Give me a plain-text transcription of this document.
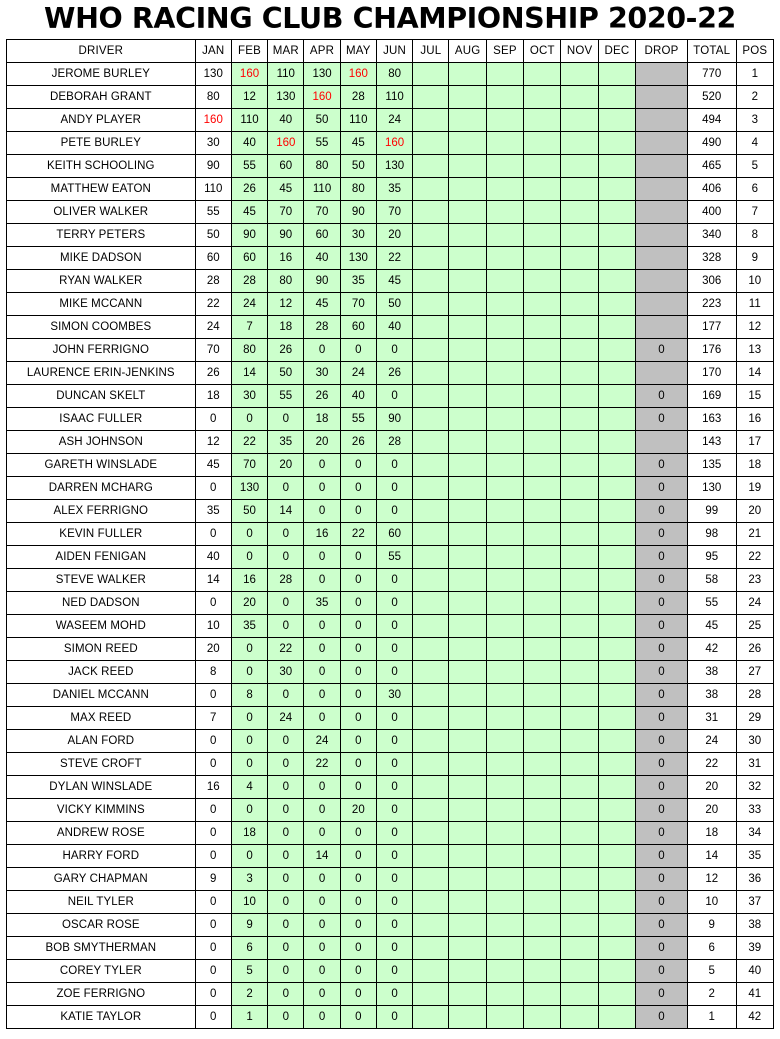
WHO RACING CLUB CHAMPIONSHIP 2020-22
DRIVER	JAN	FEB	MAR	APR	MAY	JUN	JUL	AUG	SEP	OCT	NOV	DEC	DROP	TOTAL	POS
JEROME BURLEY	130	160	110	130	160	80								770	1
DEBORAH GRANT	80	12	130	160	28	110								520	2
ANDY PLAYER	160	110	40	50	110	24								494	3
PETE BURLEY	30	40	160	55	45	160								490	4
KEITH SCHOOLING	90	55	60	80	50	130								465	5
MATTHEW EATON	110	26	45	110	80	35								406	6
OLIVER WALKER	55	45	70	70	90	70								400	7
TERRY PETERS	50	90	90	60	30	20								340	8
MIKE DADSON	60	60	16	40	130	22								328	9
RYAN WALKER	28	28	80	90	35	45								306	10
MIKE MCCANN	22	24	12	45	70	50								223	11
SIMON COOMBES	24	7	18	28	60	40								177	12
JOHN FERRIGNO	70	80	26	0	0	0							0	176	13
LAURENCE ERIN-JENKINS	26	14	50	30	24	26								170	14
DUNCAN SKELT	18	30	55	26	40	0							0	169	15
ISAAC FULLER	0	0	0	18	55	90							0	163	16
ASH JOHNSON	12	22	35	20	26	28								143	17
GARETH WINSLADE	45	70	20	0	0	0							0	135	18
DARREN MCHARG	0	130	0	0	0	0							0	130	19
ALEX FERRIGNO	35	50	14	0	0	0							0	99	20
KEVIN FULLER	0	0	0	16	22	60							0	98	21
AIDEN FENIGAN	40	0	0	0	0	55							0	95	22
STEVE WALKER	14	16	28	0	0	0							0	58	23
NED DADSON	0	20	0	35	0	0							0	55	24
WASEEM MOHD	10	35	0	0	0	0							0	45	25
SIMON REED	20	0	22	0	0	0							0	42	26
JACK REED	8	0	30	0	0	0							0	38	27
DANIEL MCCANN	0	8	0	0	0	30							0	38	28
MAX REED	7	0	24	0	0	0							0	31	29
ALAN FORD	0	0	0	24	0	0							0	24	30
STEVE CROFT	0	0	0	22	0	0							0	22	31
DYLAN WINSLADE	16	4	0	0	0	0							0	20	32
VICKY KIMMINS	0	0	0	0	20	0							0	20	33
ANDREW ROSE	0	18	0	0	0	0							0	18	34
HARRY FORD	0	0	0	14	0	0							0	14	35
GARY CHAPMAN	9	3	0	0	0	0							0	12	36
NEIL TYLER	0	10	0	0	0	0							0	10	37
OSCAR ROSE	0	9	0	0	0	0							0	9	38
BOB SMYTHERMAN	0	6	0	0	0	0							0	6	39
COREY TYLER	0	5	0	0	0	0							0	5	40
ZOE FERRIGNO	0	2	0	0	0	0							0	2	41
KATIE TAYLOR	0	1	0	0	0	0							0	1	42
